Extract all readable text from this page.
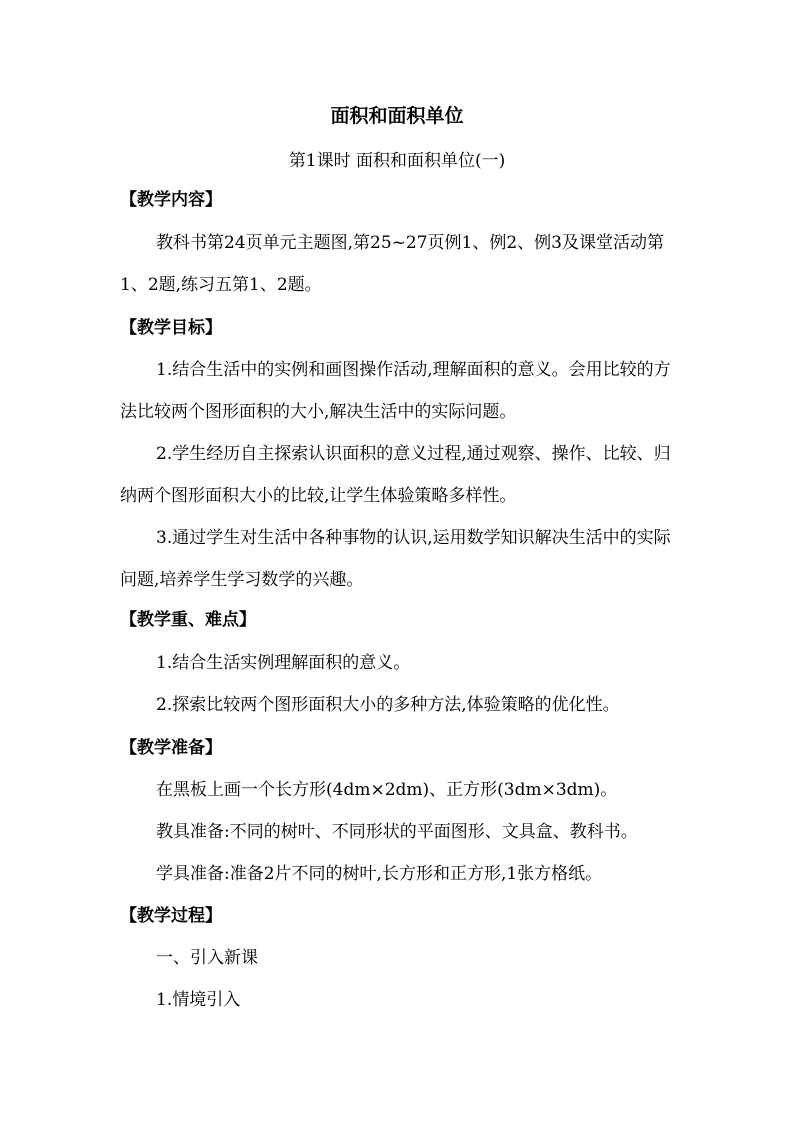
面积和面积单位
第1课时 面积和面积单位(一)
【教学内容】

教科书第24页单元主题图,第25~27页例1、例2、例3及课堂活动第1、2题,练习五第1、2题。

【教学目标】

1.结合生活中的实例和画图操作活动,理解面积的意义。会用比较的方法比较两个图形面积的大小,解决生活中的实际问题。

2.学生经历自主探索认识面积的意义过程,通过观察、操作、比较、归纳两个图形面积大小的比较,让学生体验策略多样性。

3.通过学生对生活中各种事物的认识,运用数学知识解决生活中的实际问题,培养学生学习数学的兴趣。

【教学重、难点】

1.结合生活实例理解面积的意义。

2.探索比较两个图形面积大小的多种方法,体验策略的优化性。

【教学准备】

在黑板上画一个长方形(4dm×2dm)、正方形(3dm×3dm)。

教具准备:不同的树叶、不同形状的平面图形、文具盒、教科书。

学具准备:准备2片不同的树叶,长方形和正方形,1张方格纸。

【教学过程】

一、引入新课

1.情境引入
